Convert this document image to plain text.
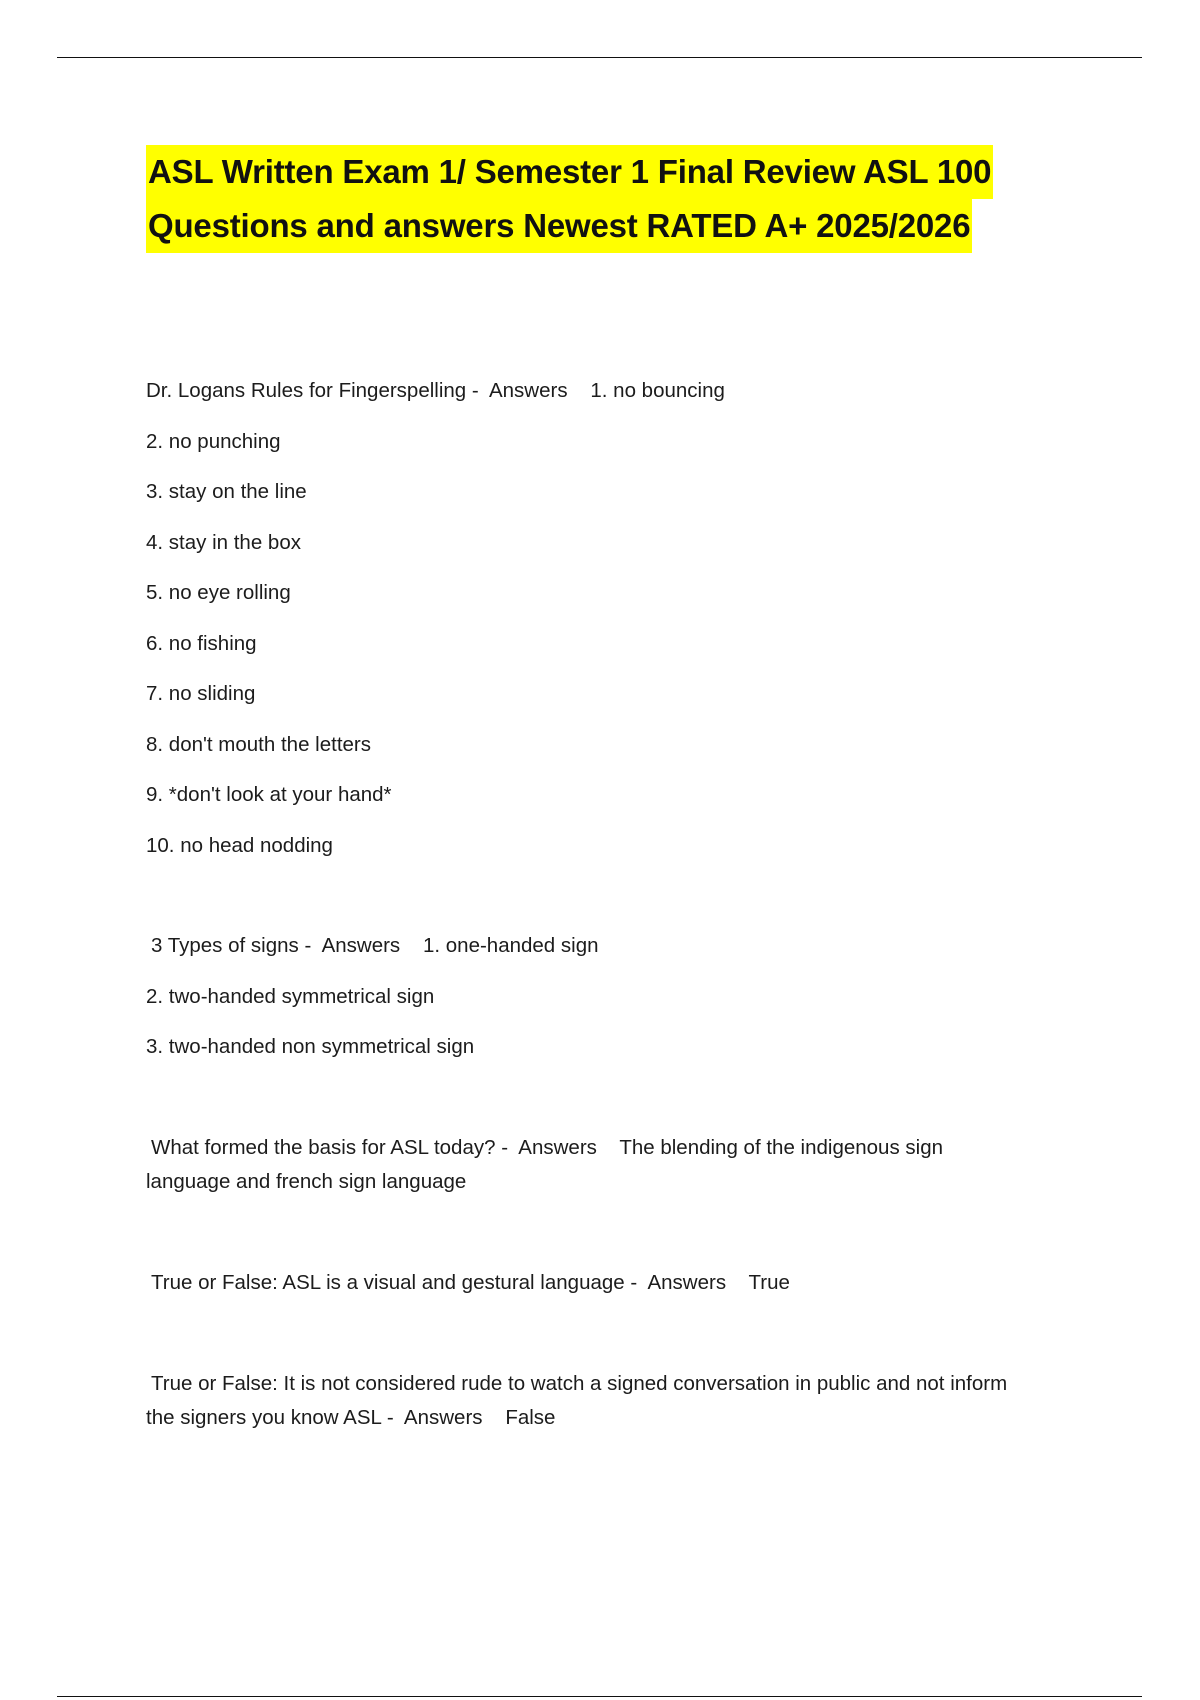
ASL Written Exam 1/ Semester 1 Final Review ASL 100
Questions and answers Newest RATED A+ 2025/2026
Dr. Logans Rules for Fingerspelling - Answers 1. no bouncing
2. no punching
3. stay on the line
4. stay in the box
5. no eye rolling
6. no fishing
7. no sliding
8. don't mouth the letters
9. *don't look at your hand*
10. no head nodding
3 Types of signs - Answers 1. one-handed sign
2. two-handed symmetrical sign
3. two-handed non symmetrical sign
What formed the basis for ASL today? - Answers The blending of the indigenous sign
language and french sign language
True or False: ASL is a visual and gestural language - Answers True
True or False: It is not considered rude to watch a signed conversation in public and not inform
the signers you know ASL - Answers False
